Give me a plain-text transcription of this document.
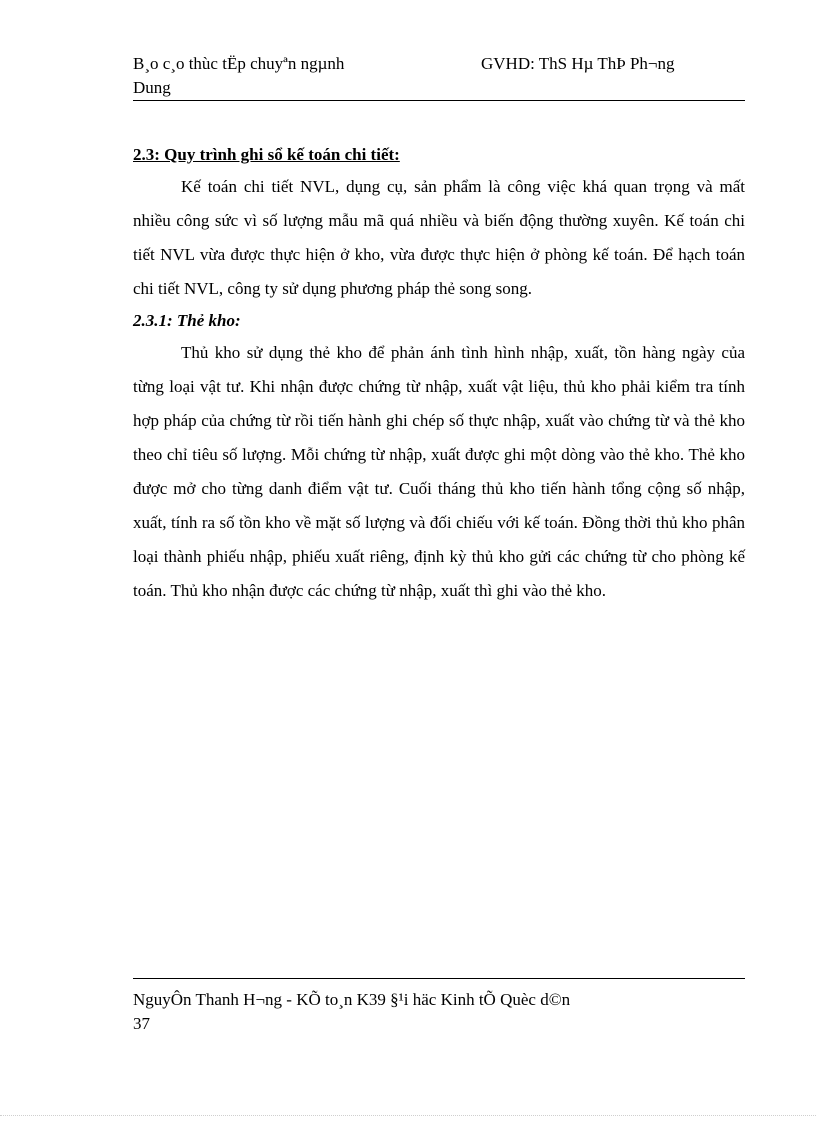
B¸o c¸o thùc tËp chuyªn ngµnh	GVHD: ThS Hµ ThÞ Ph¬ng
Dung

2.3: Quy trình ghi sổ kế toán chi tiết:

Kế toán chi tiết NVL, dụng cụ, sản phẩm là công việc khá quan trọng và mất nhiều công sức vì số lượng mẫu mã quá nhiều và biến động thường xuyên. Kế toán chi tiết NVL vừa được thực hiện ở kho, vừa được thực hiện ở phòng kế toán. Để hạch toán chi tiết NVL, công ty sử dụng phương pháp thẻ song song.

2.3.1: Thẻ kho:

Thủ kho sử dụng thẻ kho để phản ánh tình hình nhập, xuất, tồn hàng ngày của từng loại vật tư. Khi nhận được chứng từ nhập, xuất vật liệu, thủ kho phải kiểm tra tính hợp pháp của chứng từ rồi tiến hành ghi chép số thực nhập, xuất vào chứng từ và thẻ kho theo chỉ tiêu số lượng. Mỗi chứng từ nhập, xuất được ghi một dòng vào thẻ kho. Thẻ kho được mở cho từng danh điểm vật tư. Cuối tháng thủ kho tiến hành tổng cộng số nhập, xuất, tính ra số tồn kho về mặt số lượng và đối chiếu với kế toán. Đồng thời thủ kho phân loại thành phiếu nhập, phiếu xuất riêng, định kỳ thủ kho gửi các chứng từ cho phòng kế toán. Thủ kho nhận được các chứng từ nhập, xuất thì ghi vào thẻ kho.

NguyÔn Thanh H¬ng - KÕ to¸n K39 §¹i häc Kinh tÕ Quèc d©n
37
